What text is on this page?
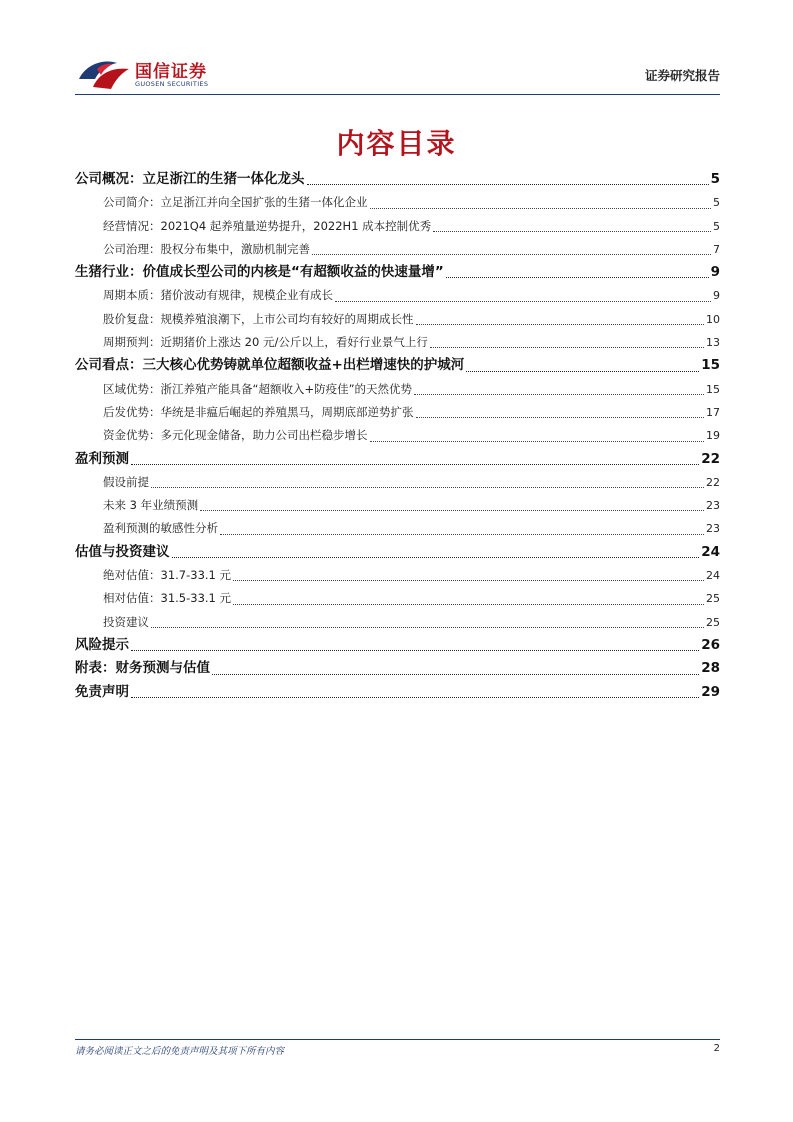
国信证券
GUOSEN SECURITIES
证券研究报告
内容目录
公司概况：立足浙江的生猪一体化龙头	5
公司简介：立足浙江并向全国扩张的生猪一体化企业	5
经营情况：2021Q4 起养殖量逆势提升，2022H1 成本控制优秀	5
公司治理：股权分布集中，激励机制完善	7
生猪行业：价值成长型公司的内核是“有超额收益的快速量增”	9
周期本质：猪价波动有规律，规模企业有成长	9
股价复盘：规模养殖浪潮下，上市公司均有较好的周期成长性	10
周期预判：近期猪价上涨达 20 元/公斤以上，看好行业景气上行	13
公司看点：三大核心优势铸就单位超额收益+出栏增速快的护城河	15
区域优势：浙江养殖产能具备“超额收入+防疫佳”的天然优势	15
后发优势：华统是非瘟后崛起的养殖黑马，周期底部逆势扩张	17
资金优势：多元化现金储备，助力公司出栏稳步增长	19
盈利预测	22
假设前提	22
未来 3 年业绩预测	23
盈利预测的敏感性分析	23
估值与投资建议	24
绝对估值：31.7-33.1 元	24
相对估值：31.5-33.1 元	25
投资建议	25
风险提示	26
附表：财务预测与估值	28
免责声明	29
请务必阅读正文之后的免责声明及其项下所有内容	2
